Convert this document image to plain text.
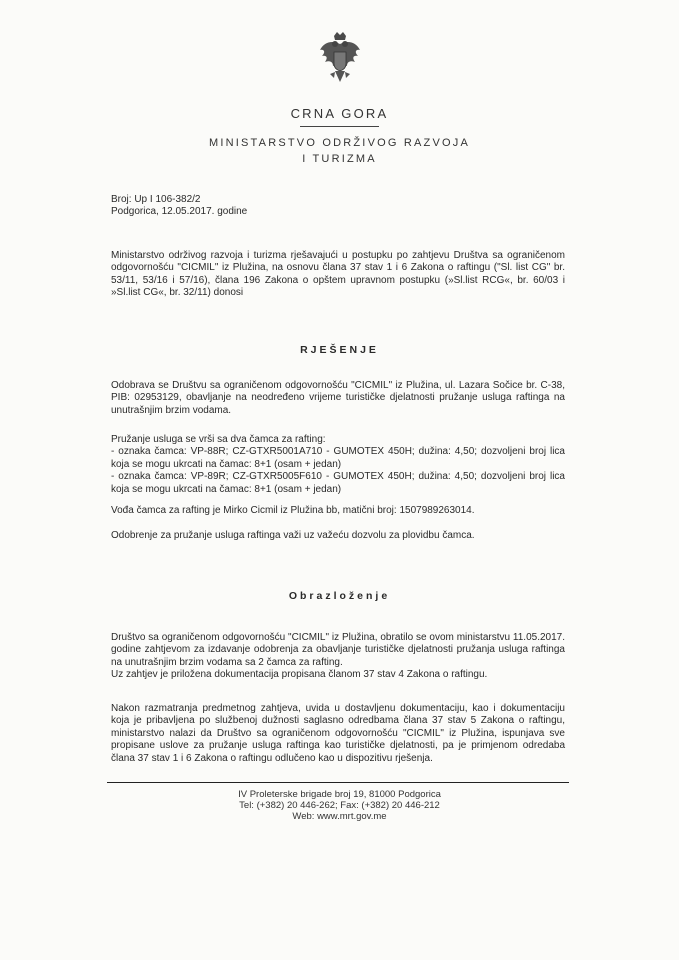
CRNA GORA
MINISTARSTVO ODRŽIVOG RAZVOJA
I TURIZMA
Broj: Up I 106-382/2
Podgorica, 12.05.2017. godine

Ministarstvo održivog razvoja i turizma rješavajući u postupku po zahtjevu Društva sa ograničenom odgovornošću "CICMIL" iz Plužina, na osnovu člana 37 stav 1 i 6 Zakona o raftingu ("Sl. list CG" br. 53/11, 53/16 i 57/16), člana 196 Zakona o opštem upravnom postupku (»Sl.list RCG«, br. 60/03 i »Sl.list CG«, br. 32/11) donosi

RJEŠENJE

Odobrava se Društvu sa ograničenom odgovornošću "CICMIL" iz Plužina, ul. Lazara Sočice br. C-38, PIB: 02953129, obavljanje na neodređeno vrijeme turističke djelatnosti pružanje usluga raftinga na unutrašnjim brzim vodama.

Pružanje usluga se vrši sa dva čamca za rafting:

- oznaka čamca: VP-88R; CZ-GTXR5001A710 - GUMOTEX 450H; dužina: 4,50; dozvoljeni broj lica koja se mogu ukrcati na čamac: 8+1 (osam + jedan)

- oznaka čamca: VP-89R; CZ-GTXR5005F610 - GUMOTEX 450H; dužina: 4,50; dozvoljeni broj lica koja se mogu ukrcati na čamac: 8+1 (osam + jedan)

Vođa čamca za rafting je Mirko Cicmil iz Plužina bb, matični broj: 1507989263014.

Odobrenje za pružanje usluga raftinga važi uz važeću dozvolu za plovidbu čamca.

Obrazloženje

Društvo sa ograničenom odgovornošću "CICMIL" iz Plužina, obratilo se ovom ministarstvu 11.05.2017. godine zahtjevom za izdavanje odobrenja za obavljanje turističke djelatnosti pružanja usluga raftinga na unutrašnjim brzim vodama sa 2 čamca za rafting.

Uz zahtjev je priložena dokumentacija propisana članom 37 stav 4 Zakona o raftingu.

Nakon razmatranja predmetnog zahtjeva, uvida u dostavljenu dokumentaciju, kao i dokumentaciju koja je pribavljena po službenoj dužnosti saglasno odredbama člana 37 stav 5 Zakona o raftingu, ministarstvo nalazi da Društvo sa ograničenom odgovornošću "CICMIL" iz Plužina, ispunjava sve propisane uslove za pružanje usluga raftinga kao turističke djelatnosti, pa je primjenom odredaba člana 37 stav 1 i 6 Zakona o raftingu odlučeno kao u dispozitivu rješenja.

IV Proleterske brigade broj 19, 81000 Podgorica
Tel: (+382) 20 446-262; Fax: (+382) 20 446-212
Web: www.mrt.gov.me
